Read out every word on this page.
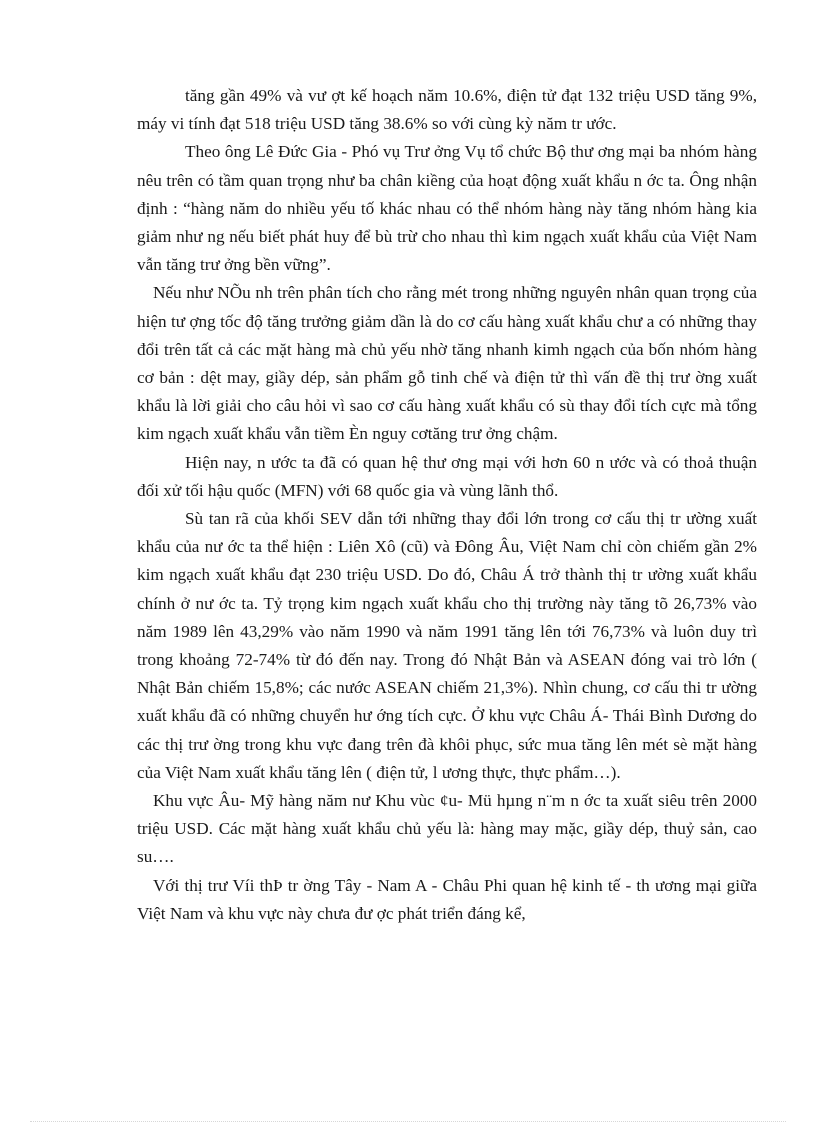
tăng gần 49% và vư ợt kế hoạch năm 10.6%, điện tử đạt 132 triệu USD tăng 9%, máy vi tính đạt 518 triệu USD tăng 38.6% so với cùng kỳ năm tr ước.

Theo ông Lê Đức Gia - Phó vụ Trư ởng Vụ tổ chức Bộ thư ơng mại ba nhóm hàng nêu trên có tầm quan trọng như ba chân kiềng của hoạt động xuất khẩu n ớc ta. Ông nhận định : “hàng năm do nhiều yếu tố khác nhau có thể nhóm hàng này tăng nhóm hàng kia giảm như ng nếu biết phát huy để bù trừ cho nhau thì kim ngạch xuất khẩu của Việt Nam vẫn tăng trư ởng bền vững”.

Nếu như NÕu nh trên phân tích cho rằng mét trong những nguyên nhân quan trọng của hiện tư ợng tốc độ tăng trưởng giảm dần là do cơ cấu hàng xuất khẩu chư a có những thay đổi trên tất cả các mặt hàng mà chủ yếu nhờ tăng nhanh kimh ngạch của bốn nhóm hàng cơ bản : dệt may, giầy dép, sản phẩm gỗ tinh chế và điện tử thì vấn đề thị trư ờng xuất khẩu là lời giải cho câu hỏi vì sao cơ cấu hàng xuất khẩu có sù thay đổi tích cực mà tổng kim ngạch xuất khẩu vẫn tiềm Èn nguy cơtăng trư ởng chậm.

Hiện nay, n ước ta đã có quan hệ thư ơng mại với hơn 60 n ước và có thoả thuận đối xử tối hậu quốc (MFN) với 68 quốc gia và vùng lãnh thổ.

Sù tan rã của khối SEV dẫn tới những thay đổi lớn trong cơ cấu thị tr ường xuất khẩu của nư ớc ta thể hiện : Liên Xô (cũ) và Đông Âu, Việt Nam chỉ còn chiếm gần 2% kim ngạch xuất khẩu đạt 230 triệu USD. Do đó, Châu Á trở thành thị tr ường xuất khẩu chính ở nư ớc ta. Tỷ trọng kim ngạch xuất khẩu cho thị trường này tăng tõ 26,73% vào năm 1989 lên 43,29% vào năm 1990 và năm 1991 tăng lên tới 76,73% và luôn duy trì trong khoảng 72-74% từ đó đến nay. Trong đó Nhật Bản và ASEAN đóng vai trò lớn ( Nhật Bản chiếm 15,8%; các nước ASEAN chiếm 21,3%). Nhìn chung, cơ cấu thi tr ường xuất khẩu đã có những chuyển hư ớng tích cực. Ở khu vực Châu Á- Thái Bình Dương do các thị trư ờng trong khu vực đang trên đà khôi phục, sức mua tăng lên mét sè mặt hàng của Việt Nam xuất khẩu tăng lên ( điện tử, l ương thực, thực phẩm…).

Khu vực Âu- Mỹ hàng năm nư Khu vùc ¢u- Mü hµng n¨m n ớc ta xuất siêu trên 2000 triệu USD. Các mặt hàng xuất khẩu chủ yếu là: hàng may mặc, giầy dép, thuỷ sản, cao su….

Với thị trư Víi thÞ tr ờng Tây - Nam A - Châu Phi quan hệ kinh tế - th ương mại giữa Việt Nam và khu vực này chưa đư ợc phát triển đáng kể,
